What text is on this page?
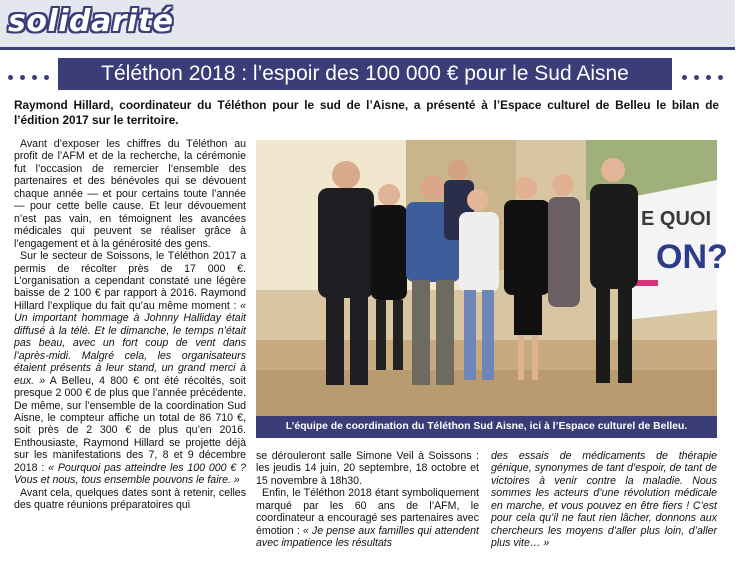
solidarité
Téléthon 2018 : l’espoir des 100 000 € pour le Sud Aisne
Raymond Hillard, coordinateur du Téléthon pour le sud de l’Aisne, a présenté à l’Espace culturel de Belleu le bilan de l’édition 2017 sur le territoire.

Avant d’exposer les chiffres du Téléthon au profit de l’AFM et de la recherche, la cérémonie fut l’occasion de remercier l’ensemble des partenaires et des bénévoles qui se dévouent chaque année — et pour certains toute l’année — pour cette belle cause. Et leur dévouement n’est pas vain, en témoignent les avancées médicales qui peuvent se réaliser grâce à l’engagement et à la générosité des gens.

Sur le secteur de Soissons, le Téléthon 2017 a permis de récolter près de 17 000 €. L’organisation a cependant constaté une légère baisse de 2 100 € par rapport à 2016. Raymond Hillard l’explique du fait qu’au même moment : « Un important hommage à Johnny Halliday était diffusé à la télé. Et le dimanche, le temps n’était pas beau, avec un fort coup de vent dans l’après-midi. Malgré cela, les organisateurs étaient présents à leur stand, un grand merci à eux. » A Belleu, 4 800 € ont été récoltés, soit presque 2 000 € de plus que l’année précédente. De même, sur l’ensemble de la coordination Sud Aisne, le compteur affiche un total de 86 710 €, soit près de 2 300 € de plus qu’en 2016. Enthousiaste, Raymond Hillard se projette déjà sur les manifestations des 7, 8 et 9 décembre 2018 : « Pourquoi pas atteindre les 100 000 € ? Vous et nous, tous ensemble pouvons le faire. »

Avant cela, quelques dates sont à retenir, celles des quatre réunions préparatoires qui

E QUOI
ON?
L’équipe de coordination du Téléthon Sud Aisne, ici à l’Espace culturel de Belleu.

se dérouleront salle Simone Veil à Soissons : les jeudis 14 juin, 20 septembre, 18 octobre et 15 novembre à 18h30.

Enfin, le Téléthon 2018 étant symboliquement marqué par les 60 ans de l’AFM, le coordinateur a encouragé ses partenaires avec émotion : « Je pense aux familles qui attendent avec impatience les résultats

des essais de médicaments de thérapie génique, synonymes de tant d’espoir, de tant de victoires à venir contre la maladie. Nous sommes les acteurs d’une révolution médicale en marche, et vous pouvez en être fiers ! C’est pour cela qu’il ne faut rien lâcher, donnons aux chercheurs les moyens d’aller plus loin, d’aller plus vite… »
